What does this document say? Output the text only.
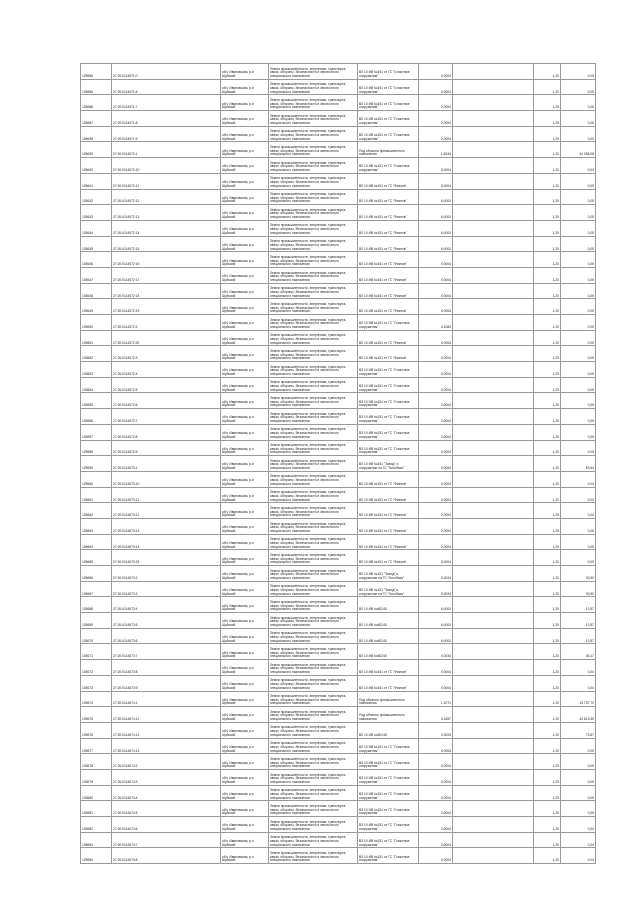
105686	27:20:0114571:0	обл. Ивановская, р-н
Шуйский	Земли промышленности, энергетики, транспорта, связи, обороны, безопасности и земли иного специального назначения	ВЗ 10 ИВ №151 от ГС "Очистные сооружения"	0,0004		1,20	0,05
105686	27:20:0114571:6	обл. Ивановская, р-н
Шуйский	Земли промышленности, энергетики, транспорта, связи, обороны, безопасности и земли иного специального назначения	ВЗ 10 ИВ №151 от ГС "Очистные сооружения"	0,0004		1,20	0,05
105686	27:20:0114571:7	обл. Ивановская, р-н
Шуйский	Земли промышленности, энергетики, транспорта, связи, обороны, безопасности и земли иного специального назначения	ВЗ 10 ИВ №151 от ГС "Очистные сооружения"	0,0004		1,20	0,05
105687	27:20:0114571:8	обл. Ивановская, р-н
Шуйский	Земли промышленности, энергетики, транспорта, связи, обороны, безопасности и земли иного специального назначения	ВЗ 10 ИВ №151 от ГС "Очистные сооружения"	0,0004		1,20	0,05
105638	27:20:0114571:9	обл. Ивановская, р-н
Шуйский	Земли промышленности, энергетики, транспорта, связи, обороны, безопасности и земли иного специального назначения	ВЗ 10 ИВ №151 от ГС "Очистные сооружения"	0,0004		1,20	0,04
105639	27:20:0114572:1	обл. Ивановская, р-н
Шуйский	Земли промышленности, энергетики, транспорта, связи, обороны, безопасности и земли иного специального назначения	Под объекты промышленного назначения	1,8434		1,20	24 058,08
105640	27:20:0114572:10	обл. Ивановская, р-н
Шуйский	Земли промышленности, энергетики, транспорта, связи, обороны, безопасности и земли иного специального назначения	ВЗ 10 ИВ №151 от ГС "Очистные сооружения"	0,0004		1,20	0,04
105641	27:20:0114572:11	обл. Ивановская, р-н
Шуйский	Земли промышленности, энергетики, транспорта, связи, обороны, безопасности и земли иного специального назначения	ВЗ 10 ИВ №151 от ГС "Фекнов"	0,0004		1,20	0,05
105642	27:20:0114572:12	обл. Ивановская, р-н
Шуйский	Земли промышленности, энергетики, транспорта, связи, обороны, безопасности и земли иного специального назначения	ВЗ 10 ИВ №151 от ГС "Фекнов"	0,0004		1,20	0,05
105643	27:20:0114572:13	обл. Ивановская, р-н
Шуйский	Земли промышленности, энергетики, транспорта, связи, обороны, безопасности и земли иного специального назначения	ВЗ 10 ИВ №151 от ГС "Фекнов"	0,0004		1,20	0,05
105644	27:20:0114572:14	обл. Ивановская, р-н
Шуйский	Земли промышленности, энергетики, транспорта, связи, обороны, безопасности и земли иного специального назначения	ВЗ 10 ИВ №151 от ГС "Фекнов"	0,0004		1,20	0,05
105645	27:20:0114572:15	обл. Ивановская, р-н
Шуйский	Земли промышленности, энергетики, транспорта, связи, обороны, безопасности и земли иного специального назначения	ВЗ 10 ИВ №151 от ГС "Фекнов"	0,0004		1,20	0,05
105646	27:20:0114572:16	обл. Ивановская, р-н
Шуйский	Земли промышленности, энергетики, транспорта, связи, обороны, безопасности и земли иного специального назначения	ВЗ 10 ИВ №151 от ГС "Фекнов"	0,0004		1,20	0,05
105647	27:20:0114572:17	обл. Ивановская, р-н
Шуйский	Земли промышленности, энергетики, транспорта, связи, обороны, безопасности и земли иного специального назначения	ВЗ 10 ИВ №151 от ГС "Фекнов"	0,0004		1,20	0,05
105648	27:20:0114572:18	обл. Ивановская, р-н
Шуйский	Земли промышленности, энергетики, транспорта, связи, обороны, безопасности и земли иного специального назначения	ВЗ 10 ИВ №151 от ГС "Фекнов"	0,0004		1,20	0,05
105649	27:20:0114572:19	обл. Ивановская, р-н
Шуйский	Земли промышленности, энергетики, транспорта, связи, обороны, безопасности и земли иного специального назначения	ВЗ 10 ИВ №151 от ГС "Фекнов"	0,0004		1,20	0,05
105650	27:20:0114572:2	обл. Ивановская, р-н
Шуйский	Земли промышленности, энергетики, транспорта, связи, обороны, безопасности и земли иного специального назначения	ВЗ 10 ИВ №151 от ГС "Очистные сооружения"	0,1084		1,20	0,05
105651	27:20:0114572:20	обл. Ивановская, р-н
Шуйский	Земли промышленности, энергетики, транспорта, связи, обороны, безопасности и земли иного специального назначения	ВЗ 10 ИВ №151 от ГС "Фекнов"	0,0004		1,20	0,05
105652	27:20:0114572:3	обл. Ивановская, р-н
Шуйский	Земли промышленности, энергетики, транспорта, связи, обороны, безопасности и земли иного специального назначения	ВЗ 10 ИВ №151 от ГС "Фекнов"	0,0004		1,20	0,05
105653	27:20:0114572:4	обл. Ивановская, р-н
Шуйский	Земли промышленности, энергетики, транспорта, связи, обороны, безопасности и земли иного специального назначения	ВЗ 10 ИВ №151 от ГС "Очистные сооружения"	0,0004		1,20	0,05
105654	27:20:0114572:5	обл. Ивановская, р-н
Шуйский	Земли промышленности, энергетики, транспорта, связи, обороны, безопасности и земли иного специального назначения	ВЗ 10 ИВ №151 от ГС "Очистные сооружения"	0,0004		1,20	0,05
105655	27:20:0114572:6	обл. Ивановская, р-н
Шуйский	Земли промышленности, энергетики, транспорта, связи, обороны, безопасности и земли иного специального назначения	ВЗ 10 ИВ №151 от ГС "Очистные сооружения"	0,0004		1,20	0,05
105656	27:20:0114572:7	обл. Ивановская, р-н
Шуйский	Земли промышленности, энергетики, транспорта, связи, обороны, безопасности и земли иного специального назначения	ВЗ 10 ИВ №151 от ГС "Очистные сооружения"	0,0004		1,20	0,05
105657	27:20:0114572:8	обл. Ивановская, р-н
Шуйский	Земли промышленности, энергетики, транспорта, связи, обороны, безопасности и земли иного специального назначения	ВЗ 10 ИВ №151 от ГС "Очистные сооружения"	0,0004		1,20	0,05
105658	27:20:0114572:9	обл. Ивановская, р-н
Шуйский	Земли промышленности, энергетики, транспорта, связи, обороны, безопасности и земли иного специального назначения	ВЗ 10 ИВ №151 от ГС "Очистные сооружения"	0,0004		1,20	0,05
105659	27:20:0114573:1	обл. Ивановская, р-н
Шуйский	Земли промышленности, энергетики, транспорта, связи, обороны, безопасности и земли иного специального назначения	ВЗ 10 ИВ №151 "Завод" и сооружение на ГС "Котобаза"	0,0064		1,20	83,64
105660	27:20:0114573:10	обл. Ивановская, р-н
Шуйский	Земли промышленности, энергетики, транспорта, связи, обороны, безопасности и земли иного специального назначения	ВЗ 10 ИВ №151 от ГС "Фекнов"	0,0004		1,20	0,04
105661	27:20:0114573:11	обл. Ивановская, р-н
Шуйский	Земли промышленности, энергетики, транспорта, связи, обороны, безопасности и земли иного специального назначения	ВЗ 10 ИВ №151 от ГС "Фекнов"	0,0004		1,20	0,04
105662	27:20:0114573:12	обл. Ивановская, р-н
Шуйский	Земли промышленности, энергетики, транспорта, связи, обороны, безопасности и земли иного специального назначения	ВЗ 10 ИВ №151 от ГС "Фекнов"	0,0004		1,20	0,04
105663	27:20:0114573:13	обл. Ивановская, р-н
Шуйский	Земли промышленности, энергетики, транспорта, связи, обороны, безопасности и земли иного специального назначения	ВЗ 10 ИВ №151 от ГС "Фекнов"	0,0004		1,20	0,05
105664	27:20:0114573:14	обл. Ивановская, р-н
Шуйский	Земли промышленности, энергетики, транспорта, связи, обороны, безопасности и земли иного специального назначения	ВЗ 10 ИВ №151 от ГС "Фекнов"	0,0004		1,20	0,05
105665	27:20:0114573:15	обл. Ивановская, р-н
Шуйский	Земли промышленности, энергетики, транспорта, связи, обороны, безопасности и земли иного специального назначения	ВЗ 10 ИВ №151 от ГС "Фекнов"	0,0004		1,20	0,05
105666	27:20:0114573:2	обл. Ивановская, р-н
Шуйский	Земли промышленности, энергетики, транспорта, связи, обороны, безопасности и земли иного специального назначения	ВЗ 10 ИВ №151 "Завод" и сооружение на ГС "Котобаза"	0,0024		1,20	30,50
105667	27:20:0114573:3	обл. Ивановская, р-н
Шуйский	Земли промышленности, энергетики, транспорта, связи, обороны, безопасности и земли иного специального назначения	ВЗ 10 ИВ №151 "Завод" и сооружение на ГС "Котобаза"	0,0024		1,20	30,50
105668	27:20:0114573:4	обл. Ивановская, р-н
Шуйский	Земли промышленности, энергетики, транспорта, связи, обороны, безопасности и земли иного специального назначения	ВЗ 10 ИВ №60240	0,0004		1,20	13,57
105669	27:20:0114573:5	обл. Ивановская, р-н
Шуйский	Земли промышленности, энергетики, транспорта, связи, обороны, безопасности и земли иного специального назначения	ВЗ 10 ИВ №60240	0,0004		1,20	13,57
105670	27:20:0114573:6	обл. Ивановская, р-н
Шуйский	Земли промышленности, энергетики, транспорта, связи, обороны, безопасности и земли иного специального назначения	ВЗ 10 ИВ №60240	0,0004		1,20	13,57
105671	27:20:0114573:7	обл. Ивановская, р-н
Шуйский	Земли промышленности, энергетики, транспорта, связи, обороны, безопасности и земли иного специального назначения	ВЗ 10 ИВ №60240	0,0034		1,20	45,17
105672	27:20:0114573:8	обл. Ивановская, р-н
Шуйский	Земли промышленности, энергетики, транспорта, связи, обороны, безопасности и земли иного специального назначения	ВЗ 10 ИВ №151 от ГС "Фекнов"	0,0004		1,20	0,04
105673	27:20:0114573:9	обл. Ивановская, р-н
Шуйский	Земли промышленности, энергетики, транспорта, связи, обороны, безопасности и земли иного специального назначения	ВЗ 10 ИВ №151 от ГС "Фекнов"	0,0004		1,20	0,04
105674	27:20:0114574:1	обл. Ивановская, р-н
Шуйский	Земли промышленности, энергетики, транспорта, связи, обороны, безопасности и земли иного специального назначения	Под объекты промышленного назначения	1,1071		1,20	13 797,70
105675	27:20:0114574:11	обл. Ивановская, р-н
Шуйский	Земли промышленности, энергетики, транспорта, связи, обороны, безопасности и земли иного специального назначения	Под объекты промышленного назначения	3,1657		1,20	43 813,55
105676	27:20:0114574:12	обл. Ивановская, р-н
Шуйский	Земли промышленности, энергетики, транспорта, связи, обороны, безопасности и земли иного специального назначения	ВЗ 10 ИВ №60248	0,0024		1,20	73,87
105677	27:20:0114574:13	обл. Ивановская, р-н
Шуйский	Земли промышленности, энергетики, транспорта, связи, обороны, безопасности и земли иного специального назначения	ВЗ 10 ИВ №151 от ГС "Очистные сооружения"	0,0004		1,20	0,05
105678	27:20:0114574:2	обл. Ивановская, р-н
Шуйский	Земли промышленности, энергетики, транспорта, связи, обороны, безопасности и земли иного специального назначения	ВЗ 10 ИВ №151 от ГС "Очистные сооружения"	0,0004		1,20	0,05
105679	27:20:0114574:3	обл. Ивановская, р-н
Шуйский	Земли промышленности, энергетики, транспорта, связи, обороны, безопасности и земли иного специального назначения	ВЗ 10 ИВ №151 от ГС "Очистные сооружения"	0,0004		1,20	0,05
105680	27:20:0114574:4	обл. Ивановская, р-н
Шуйский	Земли промышленности, энергетики, транспорта, связи, обороны, безопасности и земли иного специального назначения	ВЗ 10 ИВ №151 от ГС "Очистные сооружения"	0,0004		1,20	0,05
105681	27:20:0114574:5	обл. Ивановская, р-н
Шуйский	Земли промышленности, энергетики, транспорта, связи, обороны, безопасности и земли иного специального назначения	ВЗ 10 ИВ №151 от ГС "Очистные сооружения"	0,0004		1,20	0,05
105682	27:20:0114574:6	обл. Ивановская, р-н
Шуйский	Земли промышленности, энергетики, транспорта, связи, обороны, безопасности и земли иного специального назначения	ВЗ 10 ИВ №151 от ГС "Очистные сооружения"	0,0004		1,20	0,04
105683	27:20:0114574:7	обл. Ивановская, р-н
Шуйский	Земли промышленности, энергетики, транспорта, связи, обороны, безопасности и земли иного специального назначения	ВЗ 10 ИВ №151 от ГС "Очистные сооружения"	0,0004		1,20	0,04
105684	27:20:0114574:8	обл. Ивановская, р-н
Шуйский	Земли промышленности, энергетики, транспорта, связи, обороны, безопасности и земли иного специального назначения	ВЗ 10 ИВ №151 от ГС "Очистные сооружения"	0,0004		1,20	0,04
